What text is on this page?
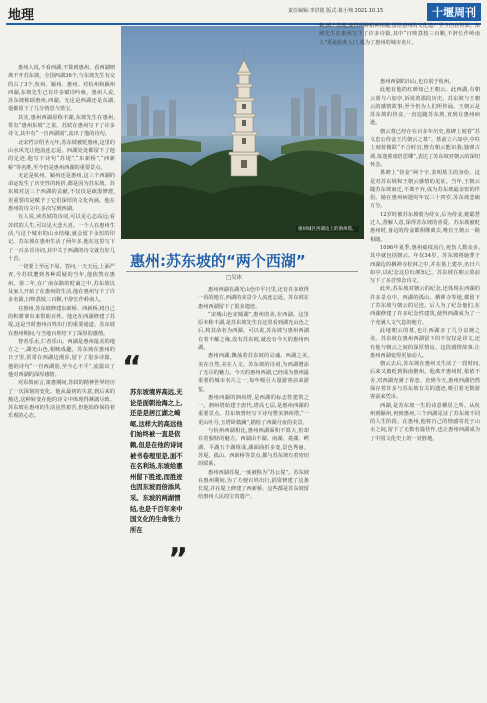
地理	责任编辑:李洪银 版式:葛小翔 2021.10.15	十堰周刊

惠州人说,不看西湖,不算到惠州。看西湖则离不开苏东坡。全国西湖36个,与东坡先生有交的占了3个,杭州、颍州、惠州。对杭州和颍州西湖,东坡先生已有许多赋诗吟咏。惠州人说,苏东坡称颂惠州,西湖。无论是西湖还是东湖,他都留下了几分情思与墨宝。

其实,惠州西湖原称丰湖,东坡先生在惠州,常有“惠州东坡”之说。苏轼在惠州写下了许多诗文,其中有“一自西湖别”,流出了他的诗句。

北宋哲宗绍圣元年,苏东坡被贬惠州,这里的山水风光让他流连忘返。西湖处处都留下了他的足迹,他写下诗句“苏堤”,“东新桥”,“西新桥”等名胜,至今仍是惠州西湖的重要景点。

无论是杭州、颍州还是惠州,这三个西湖的命运发生了历史性的转折,都是因为苏东坡。苏东坡对这三个西湖的贡献,不仅仅是疏浚修建,更重要的是赋予了它们深厚的文化内涵。他在惠州的诗文中,多次写到西湖。

有人说,读苏轼的诗词,可以见心志高远;看苏轼的人生,可以见大悲大喜。一个人在惠州生活,与这个城市的山水结缘,就会留下永恒的印记。苏东坡在惠州生活了两年多,他在这里写下了一百多首诗词,其中关于西湖的诗文就有好几十首。

一切要上至远不易。答问,一天天远,上面严查,今苏轼遭到各种质疑的当年,他依然在惠州。第二年,在广南东路的贬谪之中,苏东坡以及家人开始了在惠州的生活,他在惠州写下了许多名篇,日啖荔枝三百颗,不辞长作岭南人。

在惠州,苏东坡修建东新桥、西新桥,将自己的积蓄拿出来帮助百姓。他还在西湖修建了苏堤,这是当时惠州百姓出行的重要通道。苏东坡在惠州期间,与当地百姓结下了深厚的感情。

智者乐水,仁者乐山。西湖是惠州最美的地方之一,湖光山色,相映成趣。苏东坡在惠州的日子里,常常在西湖边漫步,留下了很多诗篇。他的诗句“一自西湖别,至今心不平”,流露出了他对西湖的深厚感情。

对东坡而言,寓惠期间,苏轼的精神世界经历了一次深刻的变化。他从最初的失意,到后来的豁达,这种转变在他的诗文中体现得淋漓尽致。苏东坡在惠州的生活虽然艰苦,但他始终保持着乐观的心态。

惠州城区西湖边上的泗州塔。
惠州:苏东坡的“两个西湖”
□吴冰
“
苏东坡境界高远,无论是面朝沧海之上,还是是居江湖之崎岖,这样大的高远他们始终被一直是依赖,但是在他的诗词被书卷理里是,面不在名利场,东坡给惠州留下胜迹,而胜迹也因东坡而倍添风采。东坡的两湖情结,也是千百年来中国文化的生命张力所在
”

惠州西湖在湖光山色中平日里,还有许多值得一看的地方,西湖的美景令人流连忘返。苏东坡在惠州西湖留下了很多遗迹。

“宋城山色宋城湖”,惠州的美,在西湖。这里原本称丰湖,是苏东坡先生在这里看到湖光山色之后,将其命名为西湖。可以说,苏东坡与惠州西湖有着不解之缘,没有苏东坡,就没有今天的惠州西湖。

惠州西湖,飘荡着苏东坡的灵魂。西湖之美,美在自然,美在人文。苏东坡的诗词,为西湖增添了无尽的魅力。今天的惠州西湖,已经成为惠州最重要的城市名片之一,每年吸引大量游客前来游览。

惠州西湖的泗州塔,是西湖的标志性建筑之一。泗州塔始建于唐代,塔高七层,是惠州西湖的重要景点。苏东坡曾经写下诗句赞美泗州塔,“一更山吐月,玉塔卧微澜”,描绘了西湖月夜的美景。

与杭州西湖相比,惠州西湖面积不算大,但却有着独特的魅力。西湖由丰湖、南湖、菱湖、鳄湖、平湖五个湖组成,湖面曲折多变,景色秀丽。苏堤、孤山、西新桥等景点,都与苏东坡有着密切的联系。

惠州西湖苏堤,一度被称为“苏公堤”。苏东坡在惠州期间,为了方便百姓出行,捐资修建了这条长堤,并在堤上修建了西新桥。这些都是苏东坡留给惠州人民的宝贵遗产。

种,两个苏堤,使得两种精神相融,留给惠州的文化遗产至今仍在传承。东坡先生在惠州写下了许多诗篇,其中“日啖荔枝三百颗,不辞长作岭南人”更是脍炙人口,成为了惠州的城市名片。

惠州西湖的出山,也有别于杭州。

此地有他的红颜知己王朝云。此西湖,有朝云墓与六如亭,诉说着那段历史。苏东坡与王朝云的感情故事,至今仍为人们所传诵。王朝云是苏东坡的侍妾,一直追随苏东坡,直到在惠州病逝。

朝云墓已经存在百多年历史,墓碑上刻着“苏文忠公侍妾王氏朝云之墓”。墓前立六如亭,亭柱上刻着楹联“不合时宜,惟有朝云能识我;独弹古调,每逢暮雨倍思卿”,表达了苏东坡对朝云的深切怀念。

墓碑上“侍妾”两个字,表明墓主的身份。这是对苏东坡和王朝云感情的见证。当年,王朝云随苏东坡南迁,不离不弃,成为苏东坡最亲密的伴侣。她在惠州病逝时年仅三十四岁,苏东坡悲痛万分。

12岁时被苏东坡收为侍女,后为侍妾,她聪慧过人,善解人意,深得苏东坡的喜爱。苏东坡被贬惠州时,身边的侍妾都相继离去,唯有王朝云一路相随。

1096年夏季,惠州瘟疫流行,死伤人数众多,其中就包括朝云。年仅34岁。苏东坡将她葬于西湖边的栖禅寺松林之中,并在墓上建亭,名曰六如亭,以纪念这位红颜知己。苏东坡在朝云墓前写下了多首悼念诗文。

此外,苏东坡对朝云的纪念,还体现在西湖的许多景点中。西湖的孤山、栖禅寺等地,都留下了苏东坡与朝云的足迹。后人为了纪念他们,在西湖修建了许多纪念性建筑,使得西湖成为了一个充满人文气息的地方。

此地朝云的墓,也让西湖多了几分哀婉之美。苏东坡在惠州西湖留下的不仅仅是诗文,还有他与朝云之间的深厚情谊。这段感情故事,让惠州西湖变得更加动人。

朝云去后,苏东坡在惠州又生活了一段时间,后来又被贬到海南儋州。他离开惠州时,依依不舍,对西湖充满了眷恋。直到今天,惠州西湖仍然保存着许多与苏东坡有关的遗迹,吸引着无数游客前来凭吊。

西湖,是苏东坡一生的诗意栖居之所。从杭州到颍州,再到惠州,三个西湖见证了苏东坡不同的人生阶段。在惠州,他将自己的情感寄托于山水之间,留下了无数名篇佳作,也让惠州西湖成为了中国文化史上的一处胜地。
